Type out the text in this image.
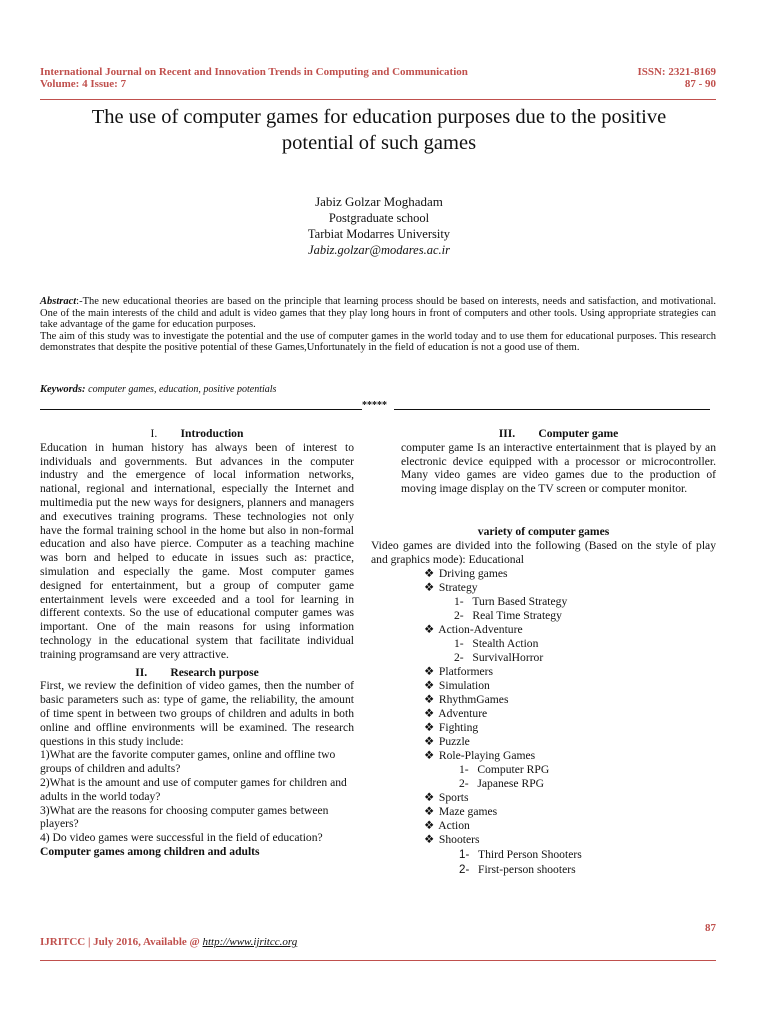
International Journal on Recent and Innovation Trends in Computing and Communication
Volume: 4 Issue: 7
ISSN: 2321-8169
87 - 90
The use of computer games for education purposes due to the positive
potential of such games
Jabiz Golzar Moghadam
Postgraduate school
Tarbiat Modarres University
Jabiz.golzar@modares.ac.ir
Abstract:-The new educational theories are based on the principle that learning process should be based on interests, needs and satisfaction, and motivational. One of the main interests of the child and adult is video games that they play long hours in front of computers and other tools. Using appropriate strategies can take advantage of the game for education purposes.
The aim of this study was to investigate the potential and the use of computer games in the world today and to use them for educational purposes. This research demonstrates that despite the positive potential of these Games,Unfortunately in the field of education is not a good use of them.
Keywords: computer games, education, positive potentials
*****
I. Introduction
Education in human history has always been of interest to individuals and governments. But advances in the computer industry and the emergence of local information networks, national, regional and international, especially the Internet and multimedia put the new ways for designers, planners and managers and executives training programs. These technologies not only have the formal training school in the home but also in non-formal education and also have pierce. Computer as a teaching machine was born and helped to educate in issues such as: practice, simulation and especially the game. Most computer games designed for entertainment, but a group of computer game entertainment levels were exceeded and a tool for learning in different contexts. So the use of educational computer games was important. One of the main reasons for using information technology in the educational system that facilitate individual training programsand are very attractive.
II. Research purpose
First, we review the definition of video games, then the number of basic parameters such as: type of game, the reliability, the amount of time spent in between two groups of children and adults in both online and offline environments will be examined. The research questions in this study include:
1)What are the favorite computer games, online and offline two groups of children and adults?
2)What is the amount and use of computer games for children and adults in the world today?
3)What are the reasons for choosing computer games between players?
4) Do video games were successful in the field of education?
Computer games among children and adults
III. Computer game
computer game Is an interactive entertainment that is played by an electronic device equipped with a processor or microcontroller. Many video games are video games due to the production of moving image display on the TV screen or computer monitor.
variety of computer games
Video games are divided into the following (Based on the style of play and graphics mode): Educational
❖ Driving games
❖ Strategy
1- Turn Based Strategy
2- Real Time Strategy
❖ Action-Adventure
1- Stealth Action
2- SurvivalHorror
❖ Platformers
❖ Simulation
❖ RhythmGames
❖ Adventure
❖ Fighting
❖ Puzzle
❖ Role-Playing Games
1- Computer RPG
2- Japanese RPG
❖ Sports
❖ Maze games
❖ Action
❖ Shooters
1- Third Person Shooters
2- First-person shooters
87
IJRITCC | July 2016, Available @ http://www.ijritcc.org
